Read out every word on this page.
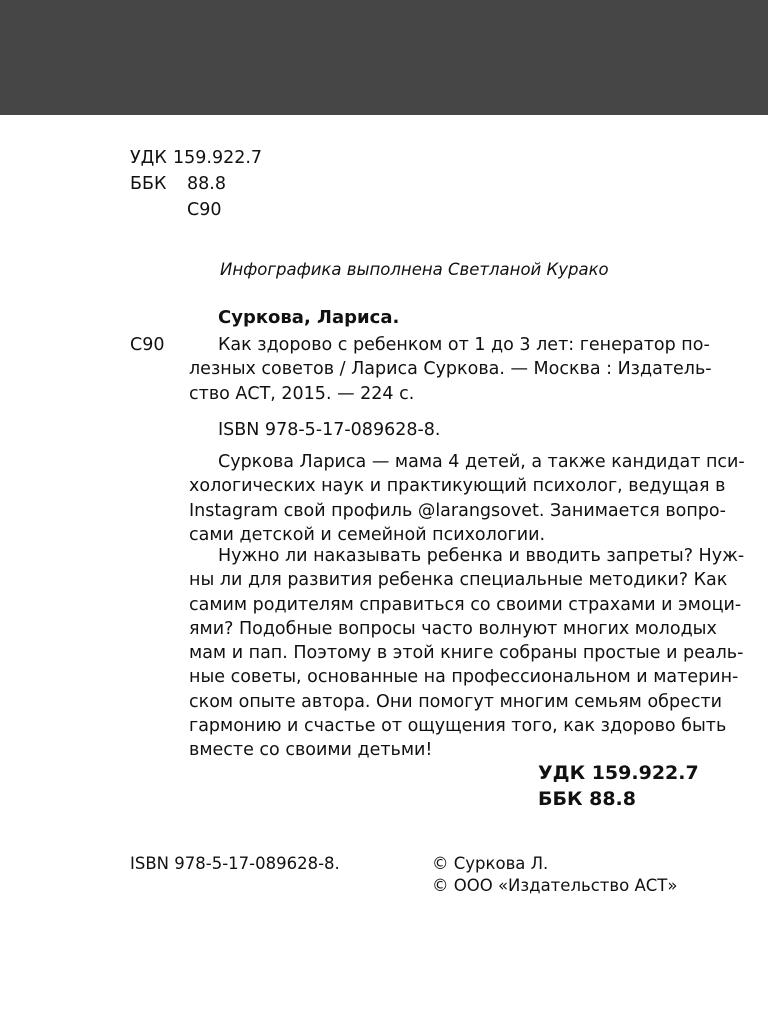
УДК 159.922.7
ББК 88.8
С90
Инфографика выполнена Светланой Курако
Суркова, Лариса.
С90	Как здорово с ребенком от 1 до 3 лет: генератор по-
лезных советов / Лариса Суркова. — Москва : Издатель-
ство АСТ, 2015. — 224 с.
ISBN 978-5-17-089628-8.
Суркова Лариса — мама 4 детей, а также кандидат пси-
хологических наук и практикующий психолог, ведущая в
Instagram свой профиль @larangsovet. Занимается вопро-
сами детской и семейной психологии.
Нужно ли наказывать ребенка и вводить запреты? Нуж-
ны ли для развития ребенка специальные методики? Как
самим родителям справиться со своими страхами и эмоци-
ями? Подобные вопросы часто волнуют многих молодых
мам и пап. Поэтому в этой книге собраны простые и реаль-
ные советы, основанные на профессиональном и материн-
ском опыте автора. Они помогут многим семьям обрести
гармонию и счастье от ощущения того, как здорово быть
вместе со своими детьми!
УДК 159.922.7
ББК 88.8
ISBN 978-5-17-089628-8.	© Суркова Л.
© ООО «Издательство АСТ»
